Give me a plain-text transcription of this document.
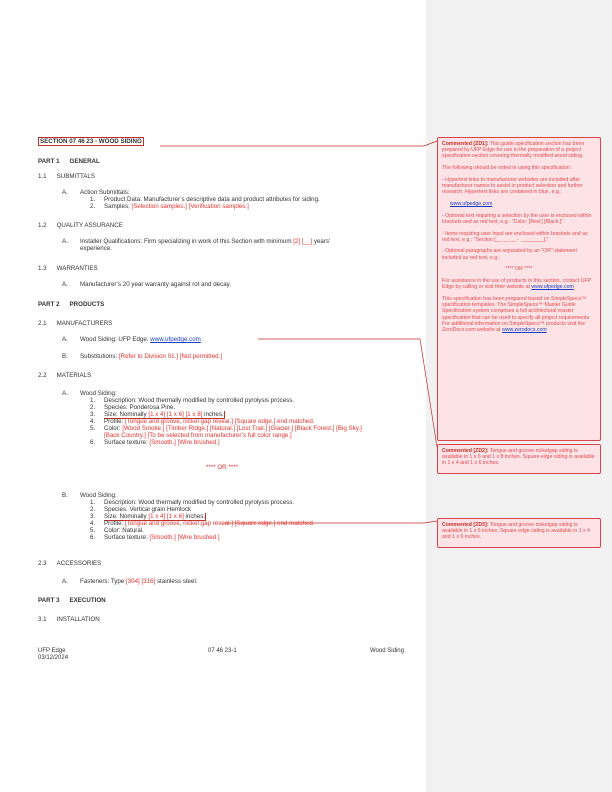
SECTION 07 46 23 - WOOD SIDING
PART 1 GENERAL
1.1 SUBMITTALS
A. Action Submittals:
1. Product Data: Manufacturer’s descriptive data and product attributes for siding.
2. Samples: [Selection samples.] [Verification samples.]
1.2 QUALITY ASSURANCE
A. Installer Qualifications: Firm specializing in work of this Section with minimum [2] [__] years’
experience.
1.3 WARRANTIES
A. Manufacturer’s 20 year warranty against rot and decay.
PART 2 PRODUCTS
2.1 MANUFACTURERS
A. Wood Siding: UFP Edge. www.ufpedge.com
B. Substitutions: [Refer to Division 01.] [Not permitted.]
2.2 MATERIALS
A. Wood Siding:
1. Description: Wood thermally modified by controlled pyrolysis process.
2. Species: Ponderosa Pine.
3. Size: Nominally [1 x 4] [1 x 6] [1 x 8] inches.
4. Profile: [Tongue and groove, nickel gap reveal.] [Square edge.] end matched.
5. Color: [Wood Smoke.] [Timber Ridge.] [Natural.] [Lost Trail.] [Glacier.] [Black Forest.] [Big Sky.]
[Back Country.] [To be selected from manufacturer’s full color range.]
6. Surface texture: [Smooth.] [Wire brushed.]
**** OR ****
B. Wood Siding:
1. Description: Wood thermally modified by controlled pyrolysis process.
2. Species: Vertical grain Hemlock
3. Size: Nominally [1 x 4] [1 x 6] inches.
4. Profile: [Tongue and groove, nickel gap reveal.] [Square edge.] end matched.
5. Color: Natural.
6. Surface texture: [Smooth.] [Wire brushed.]
2.3 ACCESSORIES
A. Fasteners: Type [304] [316] stainless steel.
PART 3 EXECUTION
3.1 INSTALLATION
UFP Edge
03/12/2024
07 46 23-1	Wood Siding

Commented [ZD1]: This guide specification section has been prepared by UFP Edge for use in the preparation of a project specification section covering thermally modified wood siding.

The following should be noted in using this specification:

- Hypertext links to manufacturer websites are included after manufacturer names to assist in product selection and further research. Hypertext links are contained in blue, e.g.:

www.ufpedge.com

- Optional text requiring a selection by the user is enclosed within brackets and as red text, e.g.: "Color: [Red.] [Black.]"

- Items requiring user input are enclosed within brackets and as red text, e.g.: "Section [__ __ __ - ________]."

- Optional paragraphs are separated by an "OR" statement included as red text, e.g.:

**** OR ****

For assistance in the use of products in this section, contact UFP Edge by calling or visit their website at www.ufpedge.com

This specification has been prepared based on SimpleSpecs™ specification templates. The SimpleSpecs™ Master Guide Specification system comprises a full architectural master specification that can be used to specify all project requirements. For additional information on SimpleSpecs™ products visit the ZeroDocs.com website at www.zerodocs.com

Commented [ZD2]: Tongue and groove nickelgap siding is available in 1 x 6 and 1 x 8 inches. Square edge siding is available in 1 x 4 and 1 x 6 inches.
Commented [ZD3]: Tongue and groove nickelgap siding is available in 1 x 6 inches. Square edge siding is available in 1 x 4 and 1 x 6 inches.
